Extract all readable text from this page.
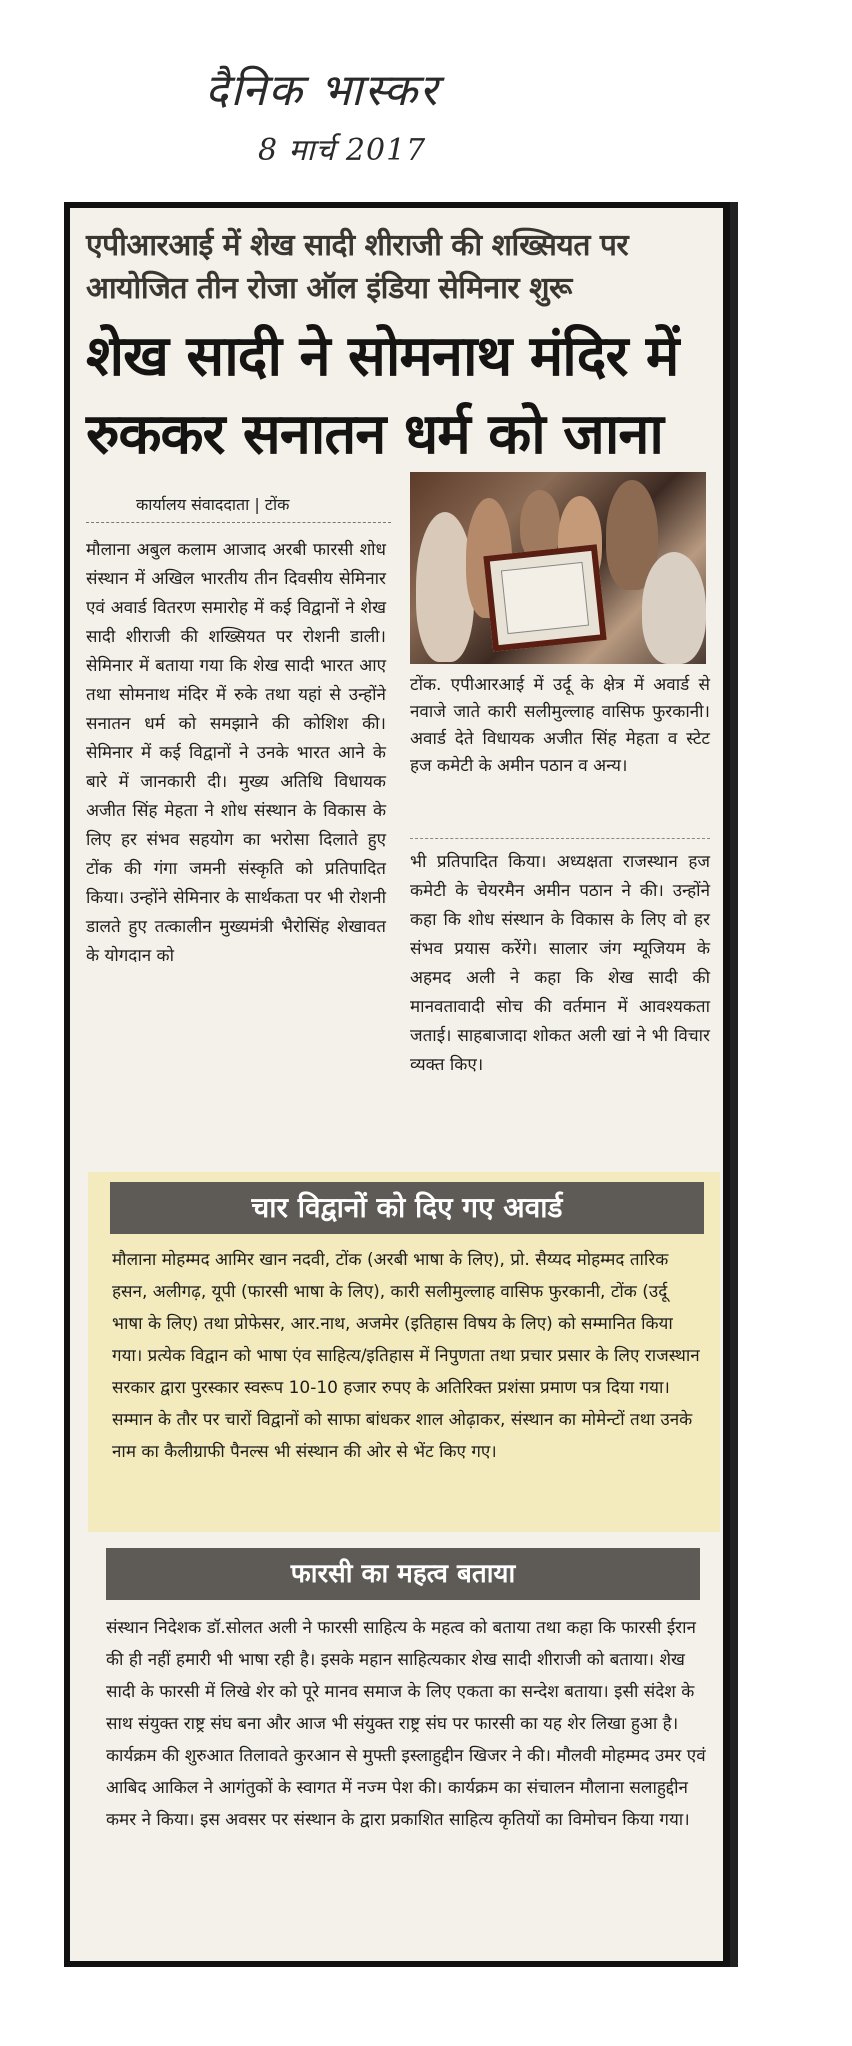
दैनिक भास्कर
8 मार्च 2017
एपीआरआई में शेख सादी शीराजी की शख्सियत पर आयोजित तीन रोजा ऑल इंडिया सेमिनार शुरू
शेख सादी ने सोमनाथ मंदिर में रुककर सनातन धर्म को जाना
कार्यालय संवाददाता | टोंक
मौलाना अबुल कलाम आजाद अरबी फारसी शोध संस्थान में अखिल भारतीय तीन दिवसीय सेमिनार एवं अवार्ड वितरण समारोह में कई विद्वानों ने शेख सादी शीराजी की शख्सियत पर रोशनी डाली। सेमिनार में बताया गया कि शेख सादी भारत आए तथा सोमनाथ मंदिर में रुके तथा यहां से उन्होंने सनातन धर्म को समझाने की कोशिश की। सेमिनार में कई विद्वानों ने उनके भारत आने के बारे में जानकारी दी। मुख्य अतिथि विधायक अजीत सिंह मेहता ने शोध संस्थान के विकास के लिए हर संभव सहयोग का भरोसा दिलाते हुए टोंक की गंगा जमनी संस्कृति को प्रतिपादित किया। उन्होंने सेमिनार के सार्थकता पर भी रोशनी डालते हुए तत्कालीन मुख्यमंत्री भैरोसिंह शेखावत के योगदान को
टोंक. एपीआरआई में उर्दू के क्षेत्र में अवार्ड से नवाजे जाते कारी सलीमुल्लाह वासिफ फुरकानी। अवार्ड देते विधायक अजीत सिंह मेहता व स्टेट हज कमेटी के अमीन पठान व अन्य।
भी प्रतिपादित किया। अध्यक्षता राजस्थान हज कमेटी के चेयरमैन अमीन पठान ने की। उन्होंने कहा कि शोध संस्थान के विकास के लिए वो हर संभव प्रयास करेंगे। सालार जंग म्यूजियम के अहमद अली ने कहा कि शेख सादी की मानवतावादी सोच की वर्तमान में आवश्यकता जताई। साहबाजादा शोकत अली खां ने भी विचार व्यक्त किए।
चार विद्वानों को दिए गए अवार्ड
मौलाना मोहम्मद आमिर खान नदवी, टोंक (अरबी भाषा के लिए), प्रो. सैय्यद मोहम्मद तारिक हसन, अलीगढ़, यूपी (फारसी भाषा के लिए), कारी सलीमुल्लाह वासिफ फुरकानी, टोंक (उर्दू भाषा के लिए) तथा प्रोफेसर, आर.नाथ, अजमेर (इतिहास विषय के लिए) को सम्मानित किया गया। प्रत्येक विद्वान को भाषा एंव साहित्य/इतिहास में निपुणता तथा प्रचार प्रसार के लिए राजस्थान सरकार द्वारा पुरस्कार स्वरूप 10-10 हजार रुपए के अतिरिक्त प्रशंसा प्रमाण पत्र दिया गया। सम्मान के तौर पर चारों विद्वानों को साफा बांधकर शाल ओढ़ाकर, संस्थान का मोमेन्टों तथा उनके नाम का कैलीग्राफी पैनल्स भी संस्थान की ओर से भेंट किए गए।
फारसी का महत्व बताया
संस्थान निदेशक डॉ.सोलत अली ने फारसी साहित्य के महत्व को बताया तथा कहा कि फारसी ईरान की ही नहीं हमारी भी भाषा रही है। इसके महान साहित्यकार शेख सादी शीराजी को बताया। शेख सादी के फारसी में लिखे शेर को पूरे मानव समाज के लिए एकता का सन्देश बताया। इसी संदेश के साथ संयुक्त राष्ट्र संघ बना और आज भी संयुक्त राष्ट्र संघ पर फारसी का यह शेर लिखा हुआ है। कार्यक्रम की शुरुआत तिलावते कुरआन से मुफ्ती इस्लाहुद्दीन खिजर ने की। मौलवी मोहम्मद उमर एवं आबिद आकिल ने आगंतुकों के स्वागत में नज्म पेश की। कार्यक्रम का संचालन मौलाना सलाहुद्दीन कमर ने किया। इस अवसर पर संस्थान के द्वारा प्रकाशित साहित्य कृतियों का विमोचन किया गया।
